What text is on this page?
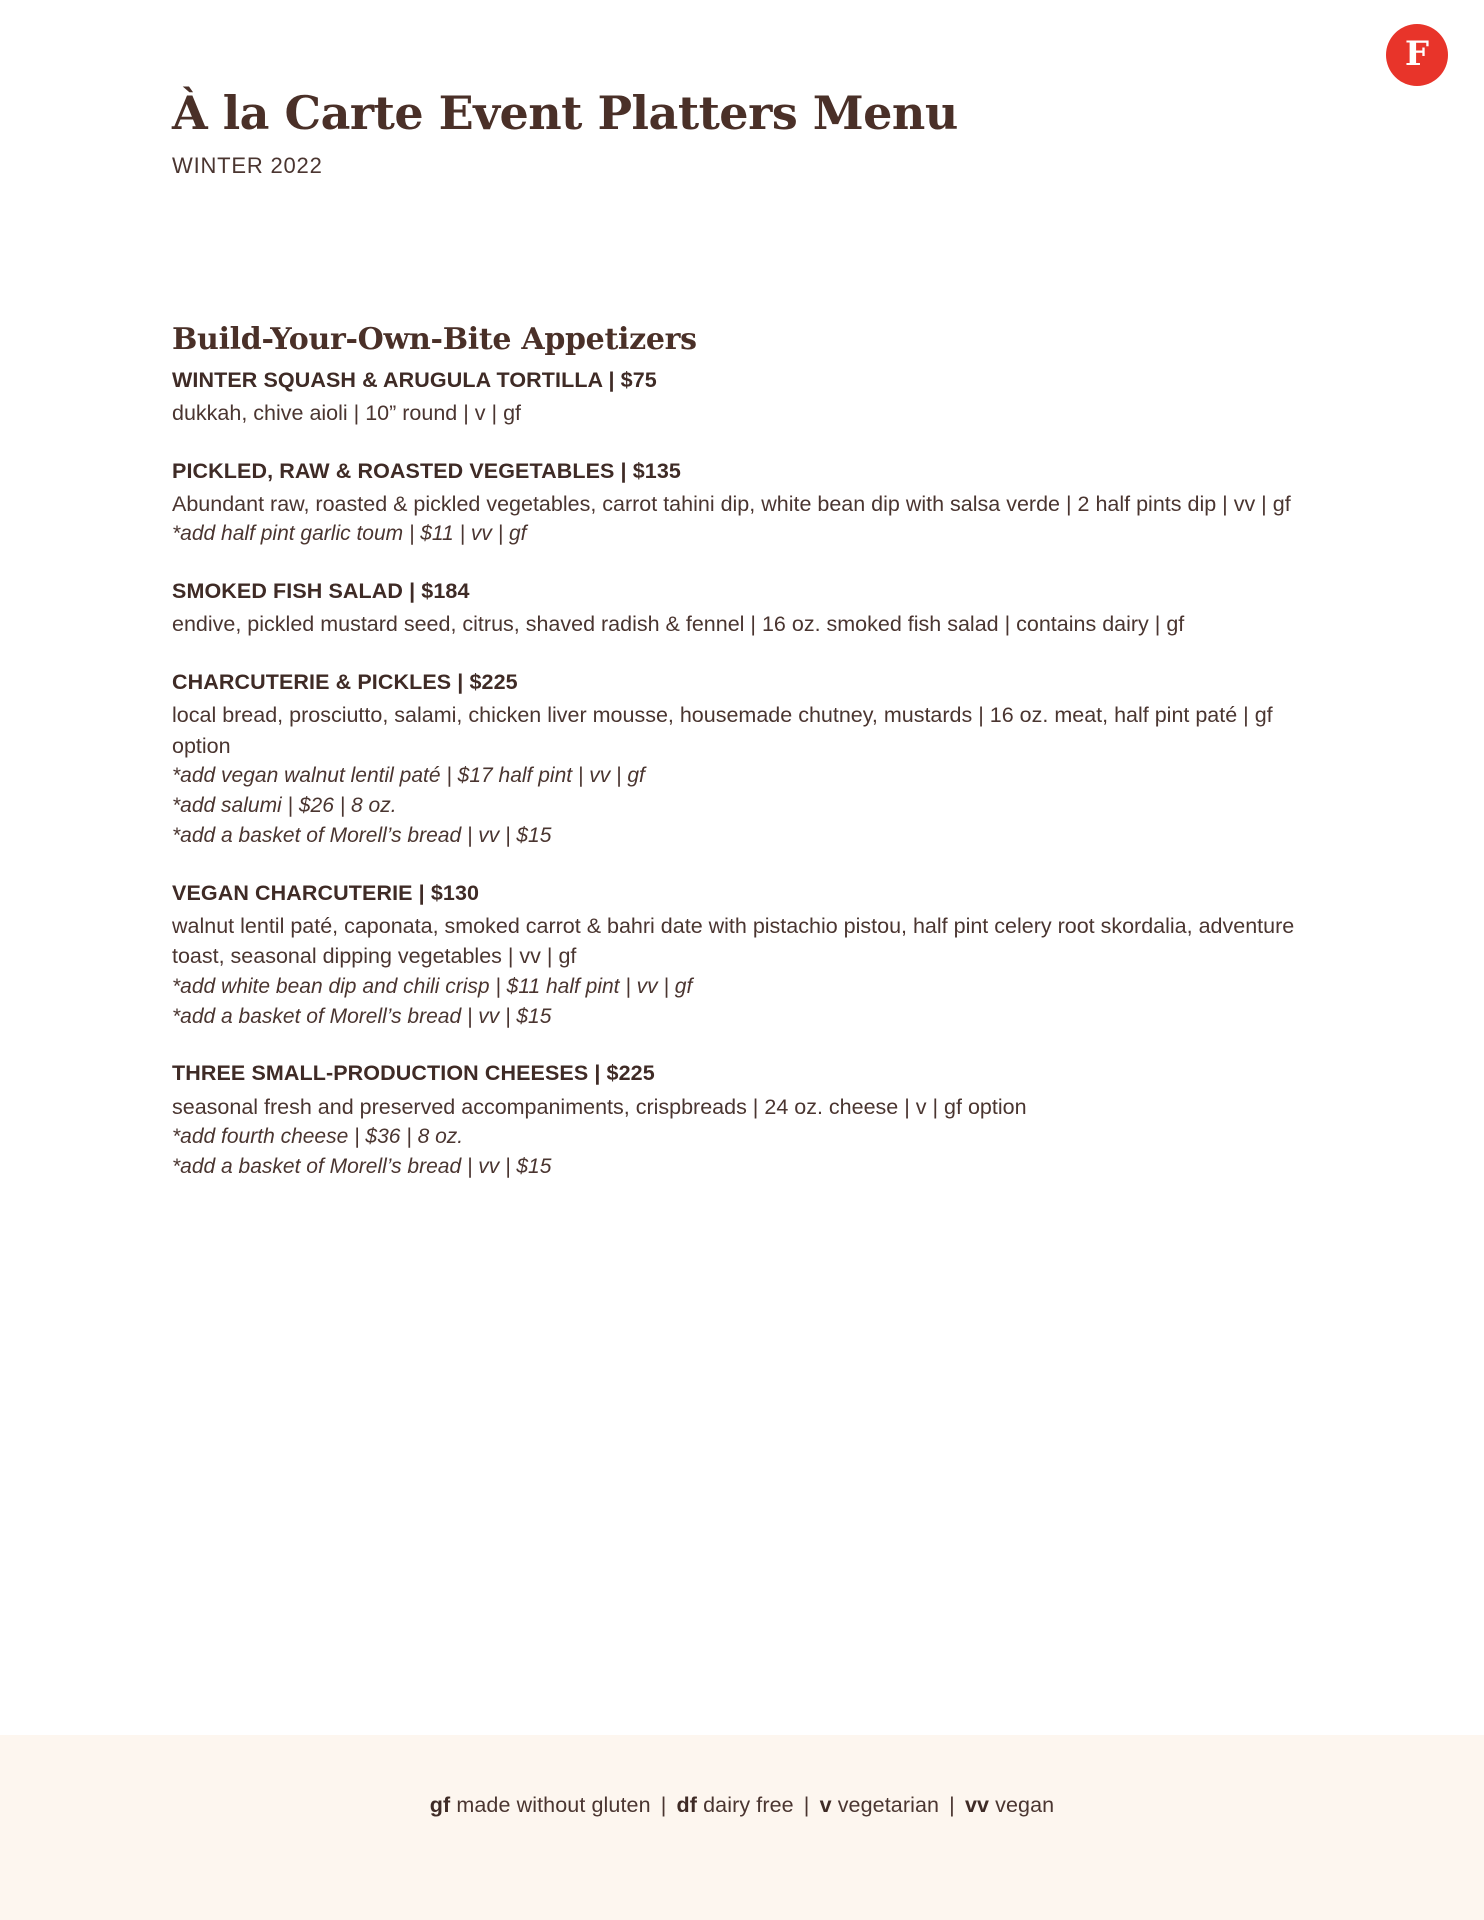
F
À la Carte Event Platters Menu
WINTER 2022
Build-Your-Own-Bite Appetizers
WINTER SQUASH & ARUGULA TORTILLA | $75
dukkah, chive aioli | 10” round | v | gf
PICKLED, RAW & ROASTED VEGETABLES | $135
Abundant raw, roasted & pickled vegetables, carrot tahini dip, white bean dip with salsa verde | 2 half pints dip | vv | gf
*add half pint garlic toum | $11 | vv | gf
SMOKED FISH SALAD | $184
endive, pickled mustard seed, citrus, shaved radish & fennel | 16 oz. smoked fish salad | contains dairy | gf
CHARCUTERIE & PICKLES | $225
local bread, prosciutto, salami, chicken liver mousse, housemade chutney, mustards | 16 oz. meat, half pint paté | gf option
*add vegan walnut lentil paté | $17 half pint | vv | gf
*add salumi | $26 | 8 oz.
*add a basket of Morell’s bread | vv | $15
VEGAN CHARCUTERIE | $130
walnut lentil paté, caponata, smoked carrot & bahri date with pistachio pistou, half pint celery root skordalia, adventure toast, seasonal dipping vegetables | vv | gf
*add white bean dip and chili crisp | $11 half pint | vv | gf
*add a basket of Morell’s bread | vv | $15
THREE SMALL-PRODUCTION CHEESES | $225
seasonal fresh and preserved accompaniments, crispbreads | 24 oz. cheese | v | gf option
*add fourth cheese | $36 | 8 oz.
*add a basket of Morell’s bread | vv | $15
gf made without gluten | df dairy free | v vegetarian | vv vegan
